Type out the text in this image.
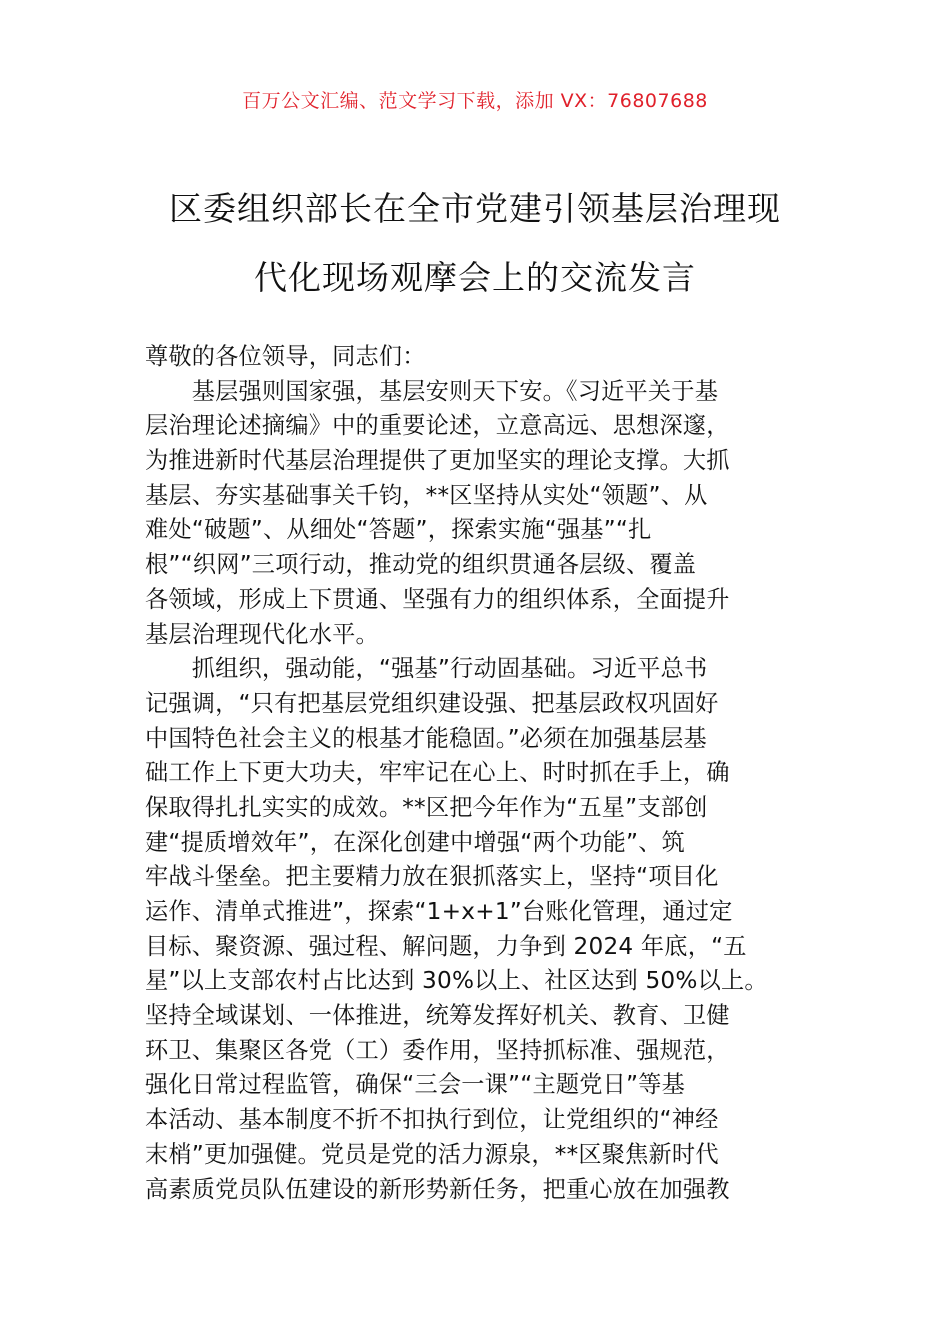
百万公文汇编、范文学习下载，添加 VX：76807688
区委组织部长在全市党建引领基层治理现
代化现场观摩会上的交流发言
尊敬的各位领导，同志们：
　　基层强则国家强，基层安则天下安。《习近平关于基
层治理论述摘编》中的重要论述，立意高远、思想深邃，
为推进新时代基层治理提供了更加坚实的理论支撑。大抓
基层、夯实基础事关千钧，**区坚持从实处“领题”、从
难处“破题”、从细处“答题”，探索实施“强基”“扎
根”“织网”三项行动，推动党的组织贯通各层级、覆盖
各领域，形成上下贯通、坚强有力的组织体系，全面提升
基层治理现代化水平。
　　抓组织，强动能，“强基”行动固基础。习近平总书
记强调，“只有把基层党组织建设强、把基层政权巩固好
中国特色社会主义的根基才能稳固。”必须在加强基层基
础工作上下更大功夫，牢牢记在心上、时时抓在手上，确
保取得扎扎实实的成效。**区把今年作为“五星”支部创
建“提质增效年”，在深化创建中增强“两个功能”、筑
牢战斗堡垒。把主要精力放在狠抓落实上，坚持“项目化
运作、清单式推进”，探索“1+x+1”台账化管理，通过定
目标、聚资源、强过程、解问题，力争到 2024 年底，“五
星”以上支部农村占比达到 30%以上、社区达到 50%以上。
坚持全域谋划、一体推进，统筹发挥好机关、教育、卫健
环卫、集聚区各党（工）委作用，坚持抓标准、强规范，
强化日常过程监管，确保“三会一课”“主题党日”等基
本活动、基本制度不折不扣执行到位，让党组织的“神经
末梢”更加强健。党员是党的活力源泉，**区聚焦新时代
高素质党员队伍建设的新形势新任务，把重心放在加强教
